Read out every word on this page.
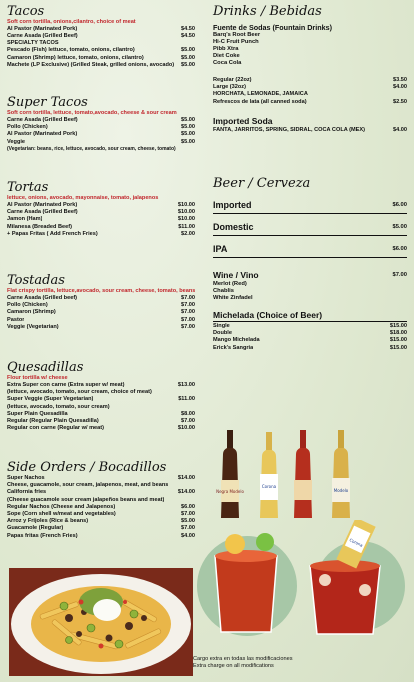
Tacos
Soft corn tortilla, onions,cilantro, choice of meat
Al Pastor (Marinated Pork)	$4.50
Carne Asada (Grilled Beef)	$4.50
SPECIALTY TACOS
Pescado (Fish) lettuce, tomato, onions, cilantro)	$5.00
Camaron (Shrimp) lettuce, tomato, onions, cilantro)	$5.00
Machete (LP Exclusive) (Grilled Steak, grilled onions, avocado) $5.00
Super Tacos
Soft corn tortilla, lettuce, tomato,avocado, cheese & sour cream
Carne Asada (Grilled Beef)	$5.00
Pollo (Chicken)	$5.00
Al Pastor (Marinated Pork)	$5.00
Veggie	$5.00
(Vegetarian: beans, rice, lettuce, avocado, sour cream, cheese, tomato)
Tortas
lettuce, onions, avocado, mayonnaise, tomato, jalapenos
Al Pastor (Marinated Pork)	$10.00
Carne Asada (Grilled Beef)	$10.00
Jamon (Ham)	$10.00
Milanesa (Breaded Beef)	$11.00
+ Papas Fritas ( Add French Fries)	$2.00
Tostadas
Flat crispy tortilla, lettuce,avocado, sour cream, cheese, tomato, beans
Carne Asada (Grilled beef)	$7.00
Pollo (Chicken)	$7.00
Camaron (Shrimp)	$7.00
Pastor	$7.00
Veggie (Vegetarian)	$7.00
Quesadillas
Flour tortilla w/ cheese
Extra Super con carne (Extra super w/ meat)	$13.00
(lettuce, avocado, tomato, sour cream, choice of meat)
Super Veggie (Super Vegetarian)	$11.00
(lettuce, avocado, tomato, sour cream)
Super Plain Quesadilla	$8.00
Regular (Regular Plain Quesadilla)	$7.00
Regular con carne (Regular w/ meat)	$10.00
Side Orders / Bocadillos
Super Nachos	$14.00
Cheese, guacamole, sour cream, jalapenos, meat, and beans
California fries	$14.00
(Cheese guacamole sour cream jalapeños beans and meat)
Regular Nachos (Cheese and Jalapenos)	$6.00
Sope (Corn shell w/meat and vegetables)	$7.00
Arroz y Frijoles (Rice & beans)	$5.00
Guacamole (Regular)	$7.00
Papas fritas (French Fries)	$4.00
Drinks / Bebidas
Fuente de Sodas (Fountain Drinks)
Barq's Root Beer
Hi-C Fruit Punch
Pibb Xtra
Diet Coke
Coca Cola
Regular (22oz)	$3.50
Large (32oz)	$4.00
HORCHATA, LEMONADE, JAMAICA
Refrescos de lata (all canned soda)	$2.50
Imported Soda
FANTA, JARRITOS, SPRING, SIDRAL, COCA COLA (MEX)	$4.00
Beer / Cerveza
Imported	$6.00
Domestic	$5.00
IPA	$6.00
Wine / Vino	$7.00
Merlot (Red)
Chablis
White Zinfadel
Michelada (Choice of Beer)
Single	$15.00
Double	$18.00
Mango Michelada	$15.00
Erick's Sangria	$15.00
Negra Modelo
Corona
Modelo
Corona
Cargo extra en todas las modificaciones
Extra charge on all modifications
